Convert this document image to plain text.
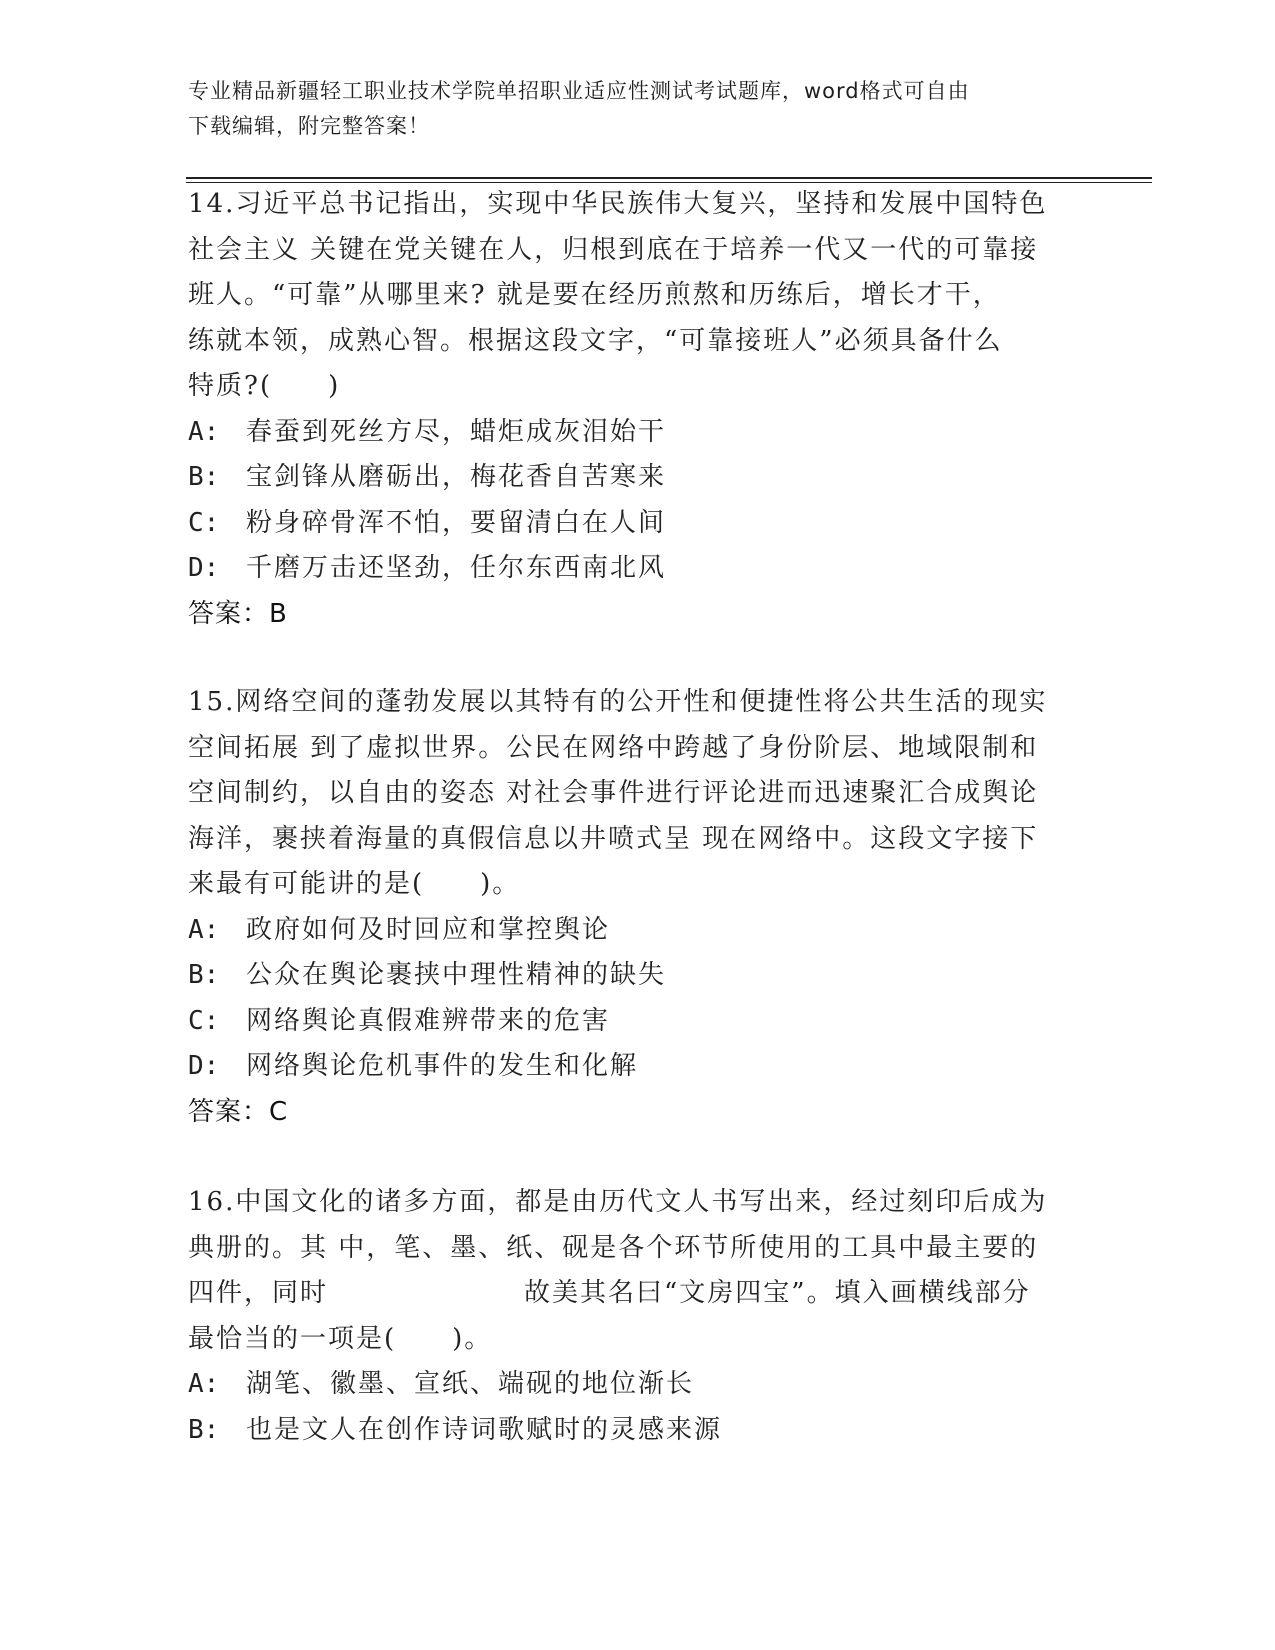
专业精品新疆轻工职业技术学院单招职业适应性测试考试题库，word格式可自由
下载编辑，附完整答案！
14.习近平总书记指出，实现中华民族伟大复兴，坚持和发展中国特色
社会主义 关键在党关键在人，归根到底在于培养一代又一代的可靠接
班人。“可靠”从哪里来? 就是要在经历煎熬和历练后，增长才干，
练就本领，成熟心智。根据这段文字，“可靠接班人”必须具备什么
特质?(　　)
A: 春蚕到死丝方尽，蜡炬成灰泪始干
B: 宝剑锋从磨砺出，梅花香自苦寒来
C: 粉身碎骨浑不怕，要留清白在人间
D: 千磨万击还坚劲，任尔东西南北风
答案：B
15.网络空间的蓬勃发展以其特有的公开性和便捷性将公共生活的现实
空间拓展 到了虚拟世界。公民在网络中跨越了身份阶层、地域限制和
空间制约，以自由的姿态 对社会事件进行评论进而迅速聚汇合成舆论
海洋，裹挟着海量的真假信息以井喷式呈 现在网络中。这段文字接下
来最有可能讲的是(　　)。
A: 政府如何及时回应和掌控舆论
B: 公众在舆论裹挟中理性精神的缺失
C: 网络舆论真假难辨带来的危害
D: 网络舆论危机事件的发生和化解
答案：C
16.中国文化的诸多方面，都是由历代文人书写出来，经过刻印后成为
典册的。其 中，笔、墨、纸、砚是各个环节所使用的工具中最主要的
四件，同时　　　　　　　故美其名曰“文房四宝”。填入画横线部分
最恰当的一项是(　　)。
A: 湖笔、徽墨、宣纸、端砚的地位渐长
B: 也是文人在创作诗词歌赋时的灵感来源
